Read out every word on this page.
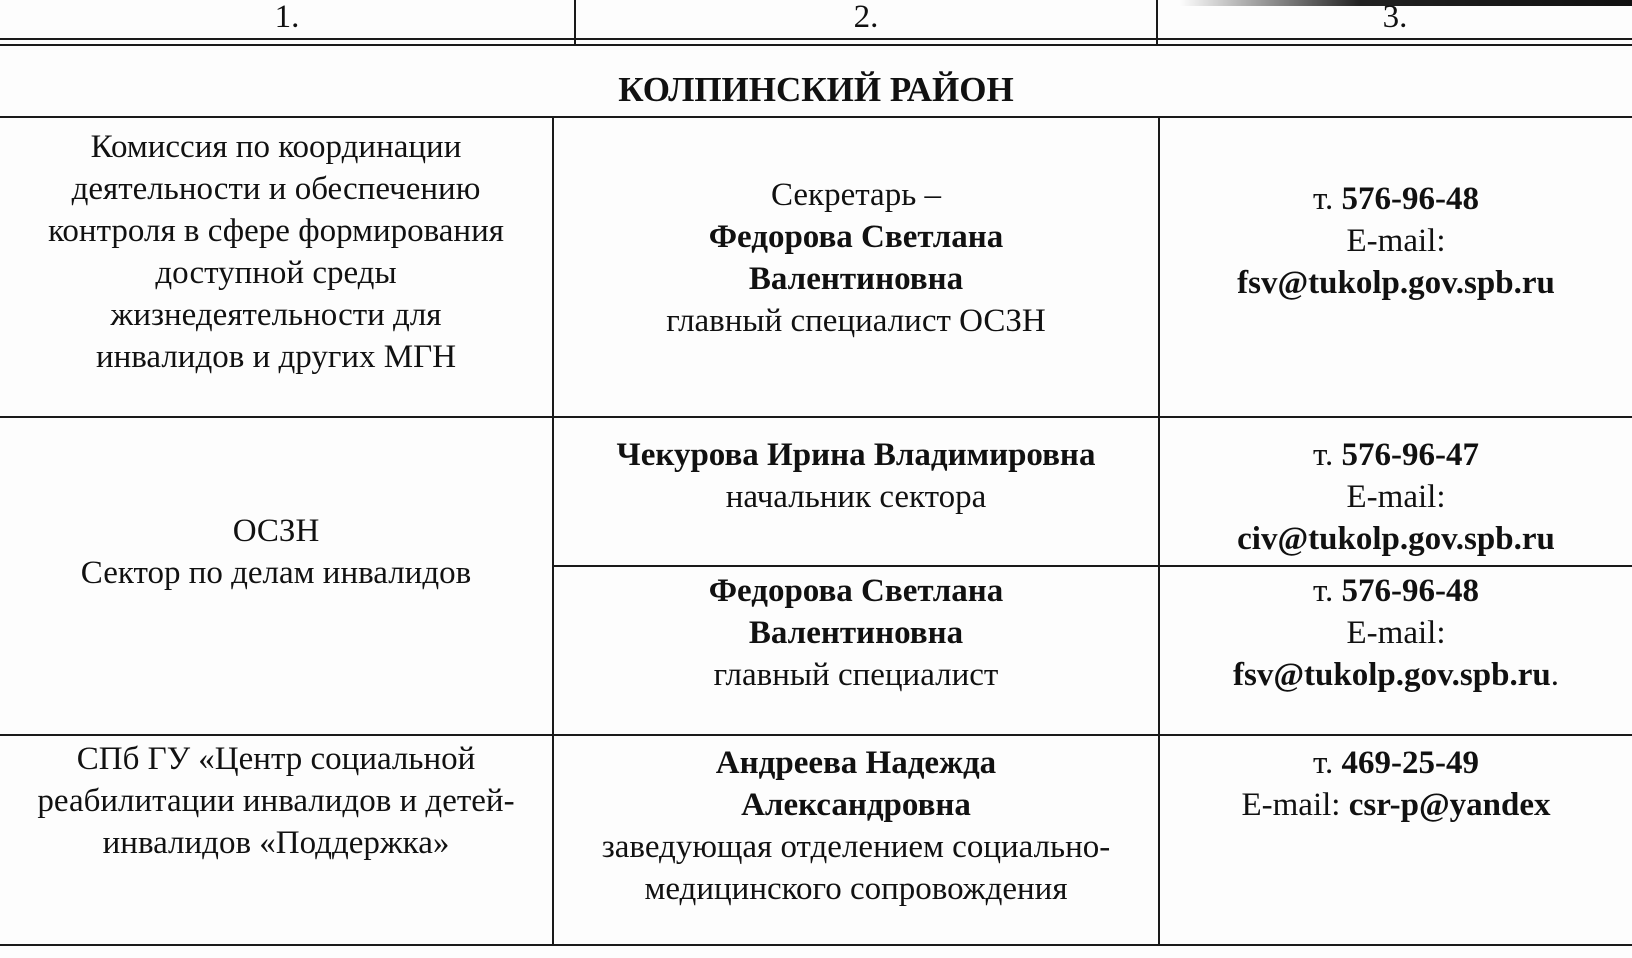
1.	2.	3.
КОЛПИНСКИЙ РАЙОН
Комиссия по координации
деятельности и обеспечению
контроля в сфере формирования
доступной среды
жизнедеятельности для
инвалидов и других МГН
Секретарь –
Федорова Светлана
Валентиновна
главный специалист ОСЗН
т. 576-96-48
E-mail:
fsv@tukolp.gov.spb.ru
ОСЗН
Сектор по делам инвалидов
Чекурова Ирина Владимировна
начальник сектора
т. 576-96-47
E-mail:
civ@tukolp.gov.spb.ru
Федорова Светлана
Валентиновна
главный специалист
т. 576-96-48
E-mail:
fsv@tukolp.gov.spb.ru.
СПб ГУ «Центр социальной
реабилитации инвалидов и детей-
инвалидов «Поддержка»
Андреева Надежда
Александровна
заведующая отделением социально-
медицинского сопровождения
т. 469-25-49
E-mail: csr-p@yandex
